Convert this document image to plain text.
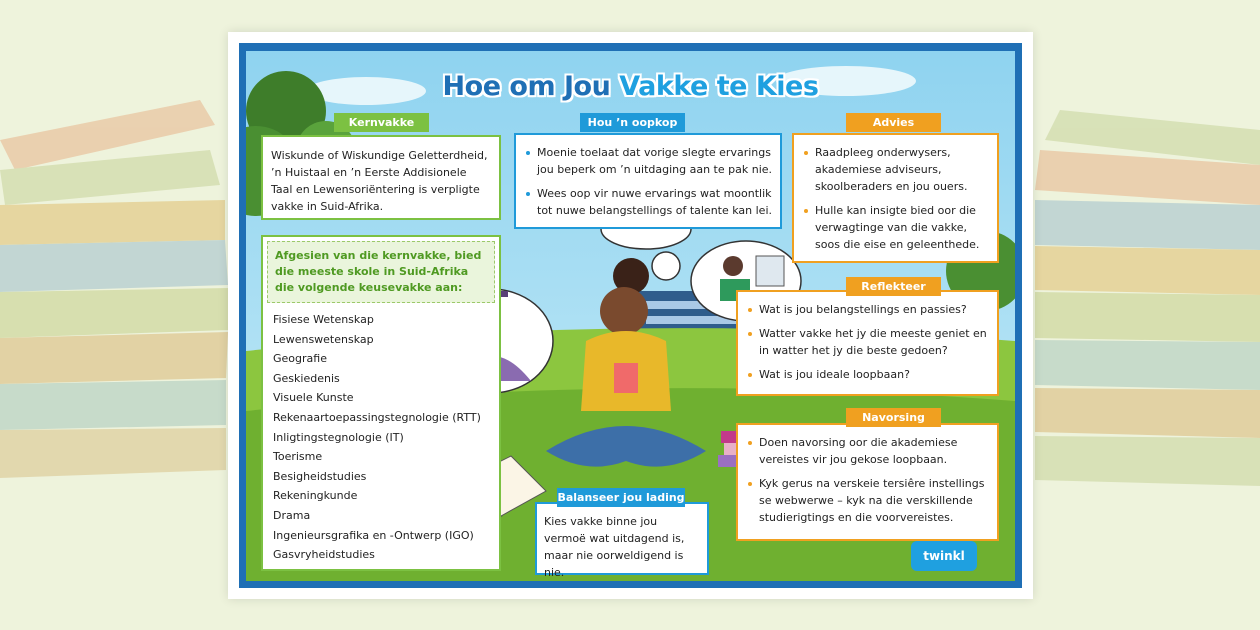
Hoe om Jou Vakke te Kies
Wiskunde of Wiskundige Geletterdheid, ’n Huistaal en ’n Eerste Addisionele Taal en Lewensoriëntering is verpligte vakke in Suid-Afrika.
Kernvakke
Moenie toelaat dat vorige slegte ervarings jou beperk om ’n uitdaging aan te pak nie.
Wees oop vir nuwe ervarings wat moontlik tot nuwe belangstellings of talente kan lei.
Hou ’n oopkop
Raadpleeg onderwysers, akademiese adviseurs, skoolberaders en jou ouers.
Hulle kan insigte bied oor die verwagtinge van die vakke, soos die eise en geleenthede.
Advies
Afgesien van die kernvakke, bied die meeste skole in Suid-Afrika die volgende keusevakke aan:
Fisiese Wetenskap
Lewenswetenskap
Geografie
Geskiedenis
Visuele Kunste
Rekenaartoepassingstegnologie (RTT)
Inligtingstegnologie (IT)
Toerisme
Besigheidstudies
Rekeningkunde
Drama
Ingenieursgrafika en -Ontwerp (IGO)
Gasvryheidstudies
Wat is jou belangstellings en passies?
Watter vakke het jy die meeste geniet en in watter het jy die beste gedoen?
Wat is jou ideale loopbaan?
Reflekteer
Doen navorsing oor die akademiese vereistes vir jou gekose loopbaan.
Kyk gerus na verskeie tersiêre instellings se webwerwe – kyk na die verskillende studierigtings en die voorvereistes.
Navorsing
Kies vakke binne jou vermoë wat uitdagend is, maar nie oorweldigend is nie.
Balanseer jou lading
twinkl
